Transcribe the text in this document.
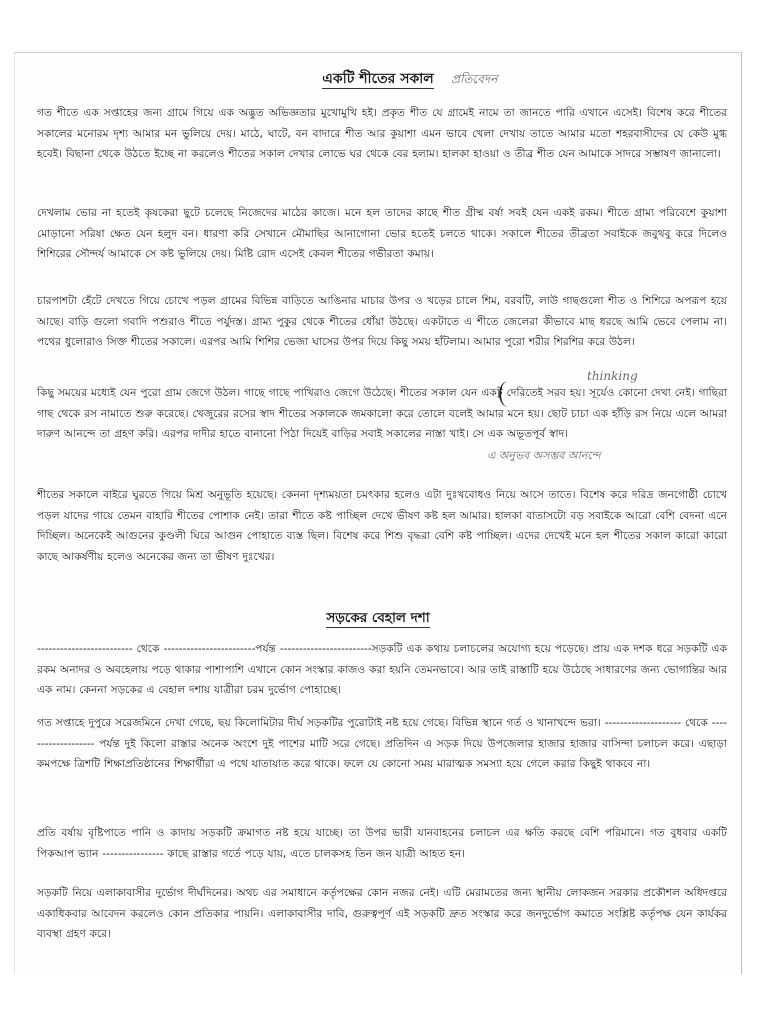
একটি শীতের সকাল	প্রতিবেদন

গত শীতে এক সপ্তাহের জন্য গ্রামে গিয়ে এক অদ্ভুত অভিজ্ঞতার মুখোমুখি হই। প্রকৃত শীত যে গ্রামেই নামে তা জানতে পারি এখানে এসেই। বিশেষ করে শীতের সকালের মনোরম দৃশ্য আমার মন ভুলিয়ে দেয়। মাঠে, ঘাটে, বন বাদারে শীত আর কুয়াশা এমন ভাবে খেলা দেখায় তাতে আমার মতো শহরবাসীদের যে কেউ মুগ্ধ হবেই। বিছানা থেকে উঠতে ইচ্ছে না করলেও শীতের সকাল দেখার লোভে ঘর থেকে বের হলাম। হালকা হাওয়া ও তীব্র শীত যেন আমাকে সাদরে সম্ভাষণ জানালো।

দেখলাম ভোর না হতেই কৃষকেরা ছুটে চলেছে নিজেদের মাঠের কাজে। মনে হল তাদের কাছে শীত গ্রীষ্ম বর্ষা সবই যেন একই রকম। শীতে গ্রাম্য পরিবেশে কুয়াশা মোড়ানো সরিষা ক্ষেত যেন হলুদ বন। ধারণা করি সেখানে মৌমাছির আনাগোনা ভোর হতেই চলতে থাকে। সকালে শীতের তীব্রতা সবাইকে জবুথবু করে দিলেও শিশিরের সৌন্দর্য আমাকে সে কষ্ট ভুলিয়ে দেয়। মিষ্টি রোদ এসেই কেবল শীতের গভীরতা কমায়।

চারপাশটা হেঁটে দেখতে গিয়ে চোখে পড়ল গ্রামের বিভিন্ন বাড়িতে আঙিনার মাচার উপর ও খড়ের চালে শিম, বরবটি, লাউ গাছগুলো শীত ও শিশিরে অপরূপ হয়ে আছে। বাড়ি গুলো গবাদি পশুরাও শীতে পর্যুদস্ত। গ্রাম্য পুকুর থেকে শীতের ধোঁয়া উঠছে। একটাতে এ শীতে জেলেরা কীভাবে মাছ ধরছে আমি ভেবে পেলাম না। পথের ধুলোরাও সিক্ত শীতের সকালে। এরপর আমি শিশির ভেজা ঘাসের উপর দিয়ে কিছু সময় হাঁটলাম। আমার পুরো শরীর শিরশির করে উঠল।

thinking

কিছু সময়ের মধ্যেই যেন পুরো গ্রাম জেগে উঠল। গাছে গাছে পাখিরাও জেগে উঠেছে। শীতের সকাল যেন একটু দেরিতেই সরব হয়। সূর্যেও কোনো দেখা নেই। গাছিরা গাছ থেকে রস নামাতে শুরু করেছে। খেজুরের রসের স্বাদ শীতের সকালকে জমকালো করে তোলে বলেই আমার মনে হয়। ছোট চাচা এক হাঁড়ি রস নিয়ে এলে আমরা দারুণ আনন্দে তা গ্রহণ করি। এরপর দাদীর হাতে বানানো পিঠা দিয়েই বাড়ির সবাই সকালের নাস্তা খাই। সে এক অভূতপূর্ব স্বাদ।

এ অনুভব অসম্ভব আনন্দে

শীতের সকালে বাইরে ঘুরতে গিয়ে মিশ্র অনুভূতি হয়েছে। কেননা দৃশ্যময়তা চমৎকার হলেও এটা দুঃখবোধও নিয়ে আসে তাতে। বিশেষ করে দরিদ্র জনগোষ্ঠী চোখে পড়ল যাদের গায়ে তেমন বাহারি শীতের পোশাক নেই। তারা শীতে কষ্ট পাচ্ছিল দেখে ভীষণ কষ্ট হল আমার। হালকা বাতাসটো বড় সবাইকে আরো বেশি বেদনা এনে দিচ্ছিল। অনেকেই আগুনের কুণ্ডলী ঘিরে আগুন পোহাতে ব্যস্ত ছিল। বিশেষ করে শিশু বৃদ্ধরা বেশি কষ্ট পাচ্ছিল। এদের দেখেই মনে হল শীতের সকাল কারো কারো কাছে আকর্ষণীয় হলেও অনেকের জন্য তা ভীষণ দুঃখের।

সড়কের বেহাল দশা

------------------------- থেকে ------------------------পর্যন্ত ------------------------সড়কটি এক কথায় চলাচলের অযোগ্য হয়ে পড়েছে। প্রায় এক দশক ধরে সড়কটি এক রকম অনাদর ও অবহেলায় পড়ে থাকার পাশাপাশি এখানে কোন সংস্কার কাজও করা হয়নি তেমনভাবে। আর তাই রাস্তাটি হয়ে উঠেছে সাধারণের জন্য ভোগান্তির আর এক নাম। কেননা সড়কের এ বেহাল দশায় যাত্রীরা চরম দুর্ভোগ পোহাচ্ছে।

গত সপ্তাহে দুপুরে সরেজমিনে দেখা গেছে, ছয় কিলোমিটার দীর্ঘ সড়কটির পুরোটাই নষ্ট হয়ে গেছে। বিভিন্ন স্থানে গর্ত ও খানাখন্দে ভরা। -------------------- থেকে ------------------- পর্যন্ত দুই কিলো রাস্তার অনেক অংশে দুই পাশের মাটি সরে গেছে। প্রতিদিন এ সড়ক দিয়ে উপজেলার হাজার হাজার বাসিন্দা চলাচল করে। এছাড়া কমপক্ষে ত্রিশটি শিক্ষাপ্রতিষ্ঠানের শিক্ষার্থীরা এ পথে যাতায়াত করে থাকে। ফলে যে কোনো সময় মারাত্মক সমস্যা হয়ে গেলে করার কিছুই থাকবে না।

প্রতি বর্ষায় বৃষ্টিপাতে পানি ও কাদায় সড়কটি ক্রমাগত নষ্ট হয়ে যাচ্ছে। তা উপর ভারী যানবাহনের চলাচল এর ক্ষতি করছে বেশি পরিমানে। গত বুধবার একটি পিকআপ ভ্যান ---------------- কাছে রাস্তার গর্তে পড়ে যায়, এতে চালকসহ তিন জন যাত্রী আহত হন।

সড়কটি নিয়ে এলাকাবাসীর দুর্ভোগ দীর্ঘদিনের। অথচ এর সমাধানে কর্তৃপক্ষের কোন নজর নেই। এটি মেরামতের জন্য স্থানীয় লোকজন সরকার প্রকৌশল অধিদপ্তরে একাধিকবার আবেদন করলেও কোন প্রতিকার পায়নি। এলাকাবাসীর দাবি, গুরুত্বপূর্ণ এই সড়কটি দ্রুত সংস্কার করে জনদুর্ভোগ কমাতে সংশ্লিষ্ট কর্তৃপক্ষ যেন কার্যকর ব্যবস্থা গ্রহণ করে।
